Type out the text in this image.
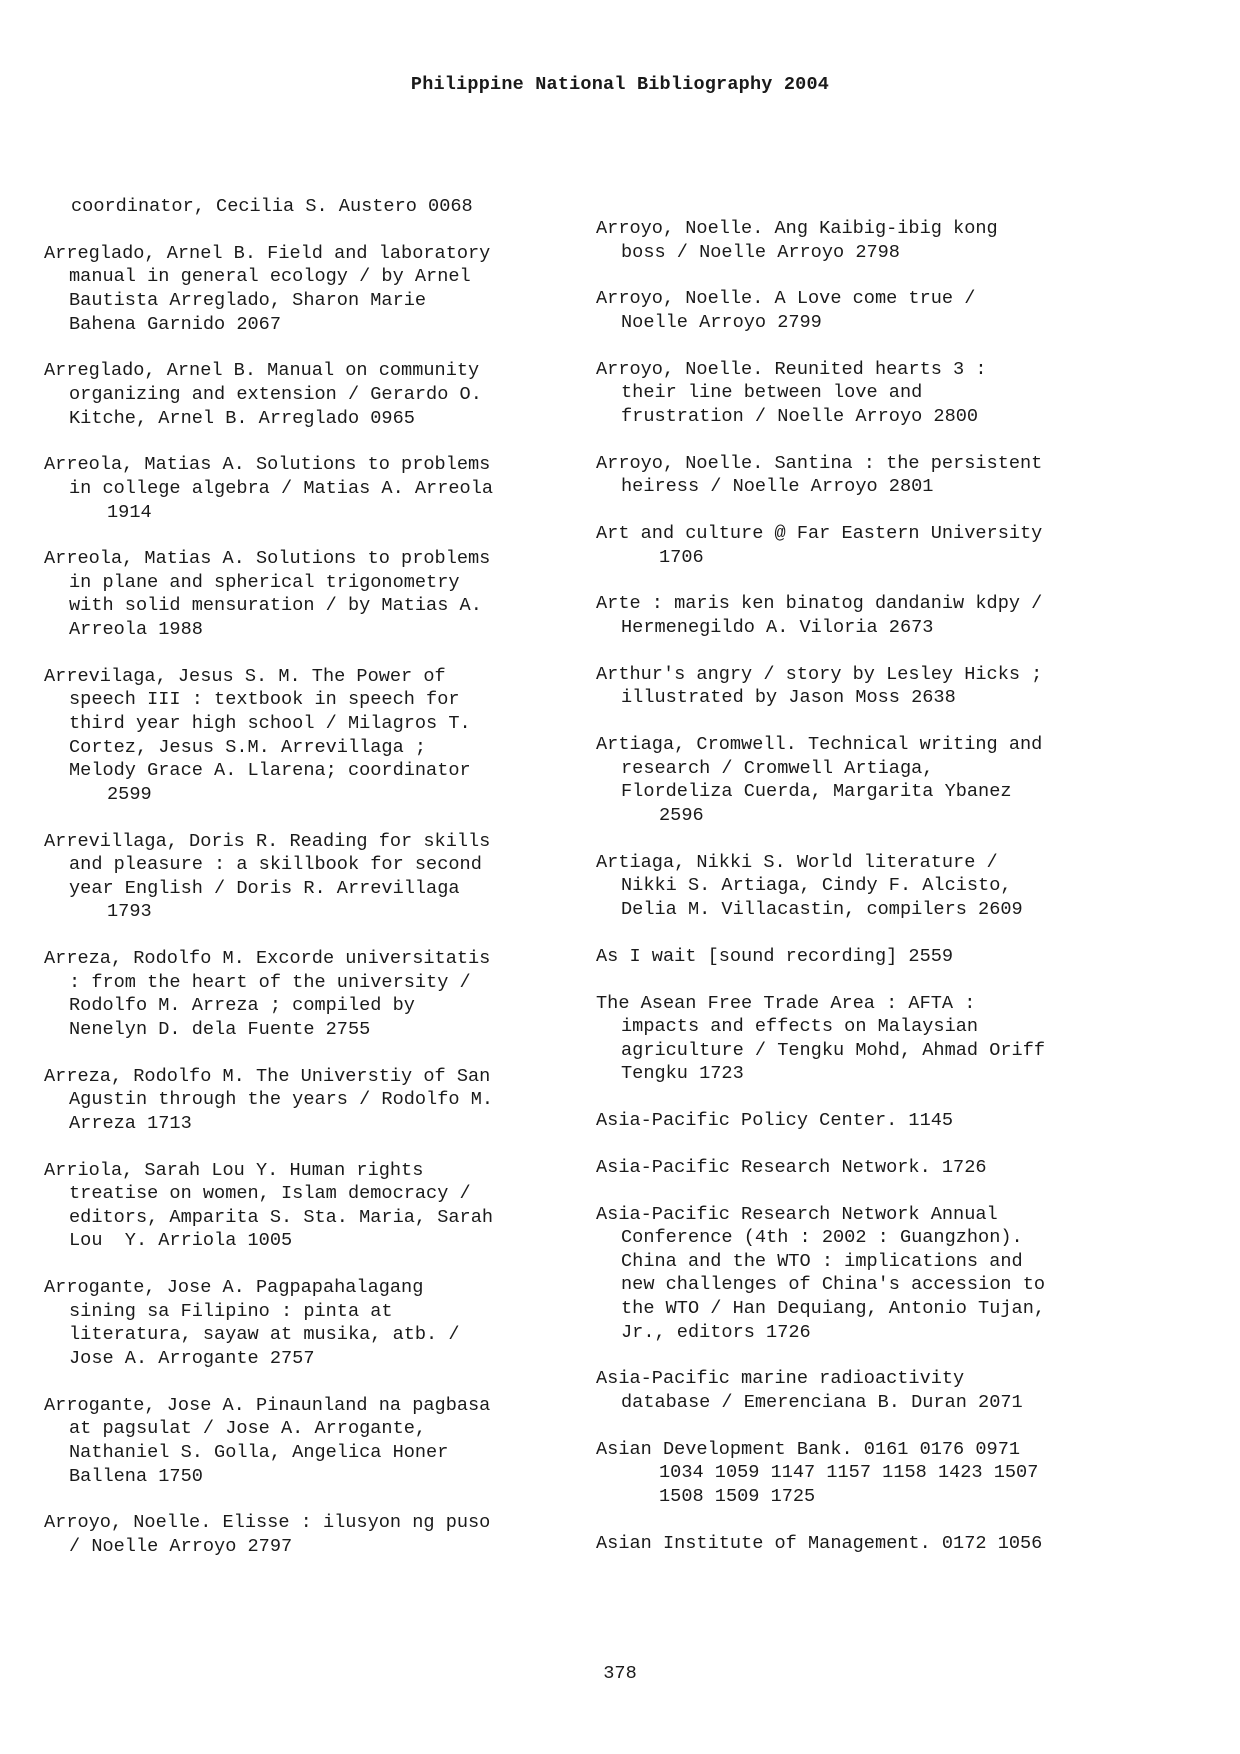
Philippine National Bibliography 2004
coordinator, Cecilia S. Austero 0068
Arreglado, Arnel B. Field and laboratory
manual in general ecology / by Arnel
Bautista Arreglado, Sharon Marie
Bahena Garnido 2067
Arreglado, Arnel B. Manual on community
organizing and extension / Gerardo O.
Kitche, Arnel B. Arreglado 0965
Arreola, Matias A. Solutions to problems
in college algebra / Matias A. Arreola
1914
Arreola, Matias A. Solutions to problems
in plane and spherical trigonometry
with solid mensuration / by Matias A.
Arreola 1988
Arrevilaga, Jesus S. M. The Power of
speech III : textbook in speech for
third year high school / Milagros T.
Cortez, Jesus S.M. Arrevillaga ;
Melody Grace A. Llarena; coordinator
2599
Arrevillaga, Doris R. Reading for skills
and pleasure : a skillbook for second
year English / Doris R. Arrevillaga
1793
Arreza, Rodolfo M. Excorde universitatis
: from the heart of the university /
Rodolfo M. Arreza ; compiled by
Nenelyn D. dela Fuente 2755
Arreza, Rodolfo M. The Universtiy of San
Agustin through the years / Rodolfo M.
Arreza 1713
Arriola, Sarah Lou Y. Human rights
treatise on women, Islam democracy /
editors, Amparita S. Sta. Maria, Sarah
Lou  Y. Arriola 1005
Arrogante, Jose A. Pagpapahalagang
sining sa Filipino : pinta at
literatura, sayaw at musika, atb. /
Jose A. Arrogante 2757
Arrogante, Jose A. Pinaunland na pagbasa
at pagsulat / Jose A. Arrogante,
Nathaniel S. Golla, Angelica Honer
Ballena 1750
Arroyo, Noelle. Elisse : ilusyon ng puso
/ Noelle Arroyo 2797
Arroyo, Noelle. Ang Kaibig-ibig kong
boss / Noelle Arroyo 2798
Arroyo, Noelle. A Love come true /
Noelle Arroyo 2799
Arroyo, Noelle. Reunited hearts 3 :
their line between love and
frustration / Noelle Arroyo 2800
Arroyo, Noelle. Santina : the persistent
heiress / Noelle Arroyo 2801
Art and culture @ Far Eastern University
1706
Arte : maris ken binatog dandaniw kdpy /
Hermenegildo A. Viloria 2673
Arthur's angry / story by Lesley Hicks ;
illustrated by Jason Moss 2638
Artiaga, Cromwell. Technical writing and
research / Cromwell Artiaga,
Flordeliza Cuerda, Margarita Ybanez
2596
Artiaga, Nikki S. World literature /
Nikki S. Artiaga, Cindy F. Alcisto,
Delia M. Villacastin, compilers 2609
As I wait [sound recording] 2559
The Asean Free Trade Area : AFTA :
impacts and effects on Malaysian
agriculture / Tengku Mohd, Ahmad Oriff
Tengku 1723
Asia-Pacific Policy Center. 1145
Asia-Pacific Research Network. 1726
Asia-Pacific Research Network Annual
Conference (4th : 2002 : Guangzhon).
China and the WTO : implications and
new challenges of China's accession to
the WTO / Han Dequiang, Antonio Tujan,
Jr., editors 1726
Asia-Pacific marine radioactivity
database / Emerenciana B. Duran 2071
Asian Development Bank. 0161 0176 0971
1034 1059 1147 1157 1158 1423 1507
1508 1509 1725
Asian Institute of Management. 0172 1056
378
